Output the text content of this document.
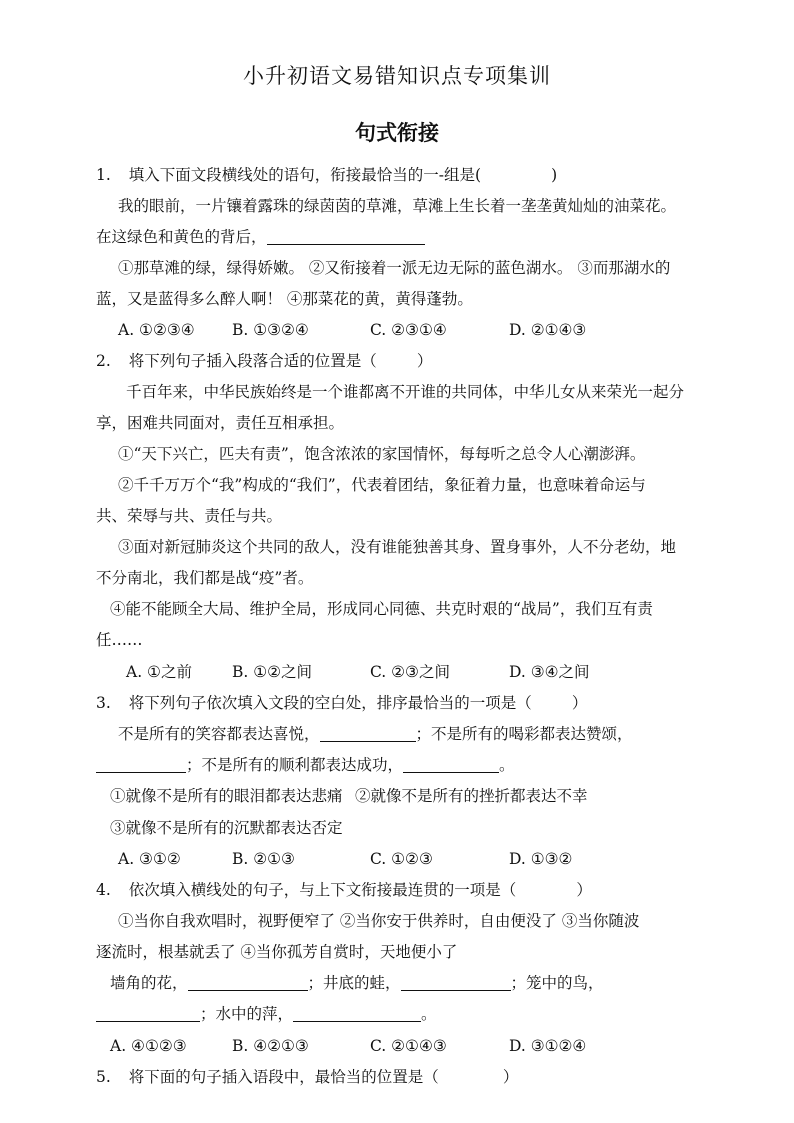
小升初语文易错知识点专项集训
句式衔接
1. 填入下面文段横线处的语句，衔接最恰当的一-组是(	)
我的眼前，一片镶着露珠的绿茵茵的草滩，草滩上生长着一垄垄黄灿灿的油菜花。
在这绿色和黄色的背后，
①那草滩的绿，绿得娇嫩。 ②又衔接着一派无边无际的蓝色湖水。 ③而那湖水的
蓝，又是蓝得多么醉人啊！ ④那菜花的黄，黄得蓬勃。
A. ①②③④ B. ①③②④	C. ②③①④	D. ②①④③
2. 将下列句子插入段落合适的位置是（	）
千百年来，中华民族始终是一个谁都离不开谁的共同体，中华儿女从来荣光一起分
享，困难共同面对，责任互相承担。
①“天下兴亡，匹夫有责”，饱含浓浓的家国情怀，每每听之总令人心潮澎湃。
②千千万万个“我”构成的“我们”，代表着团结，象征着力量，也意味着命运与
共、荣辱与共、责任与共。
③面对新冠肺炎这个共同的敌人，没有谁能独善其身、置身事外，人不分老幼，地
不分南北，我们都是战“疫”者。
④能不能顾全大局、维护全局，形成同心同德、共克时艰的“战局”，我们互有责
任……
A. ①之前	B. ①②之间	C. ②③之间	D. ③④之间
3. 将下列句子依次填入文段的空白处，排序最恰当的一项是（	）
不是所有的笑容都表达喜悦，	；不是所有的喝彩都表达赞颂，
；不是所有的顺利都表达成功，	。
①就像不是所有的眼泪都表达悲痛 ②就像不是所有的挫折都表达不幸
③就像不是所有的沉默都表达否定
A. ③①②	B. ②①③	C. ①②③	D. ①③②
4. 依次填入横线处的句子，与上下文衔接最连贯的一项是（	）
①当你自我欢唱时，视野便窄了 ②当你安于供养时，自由便没了 ③当你随波
逐流时，根基就丢了 ④当你孤芳自赏时，天地便小了
墙角的花，	；井底的蛙，	；笼中的鸟，
；水中的萍，	。
A. ④①②③	B. ④②①③	C. ②①④③	D. ③①②④
5. 将下面的句子插入语段中，最恰当的位置是（	）
